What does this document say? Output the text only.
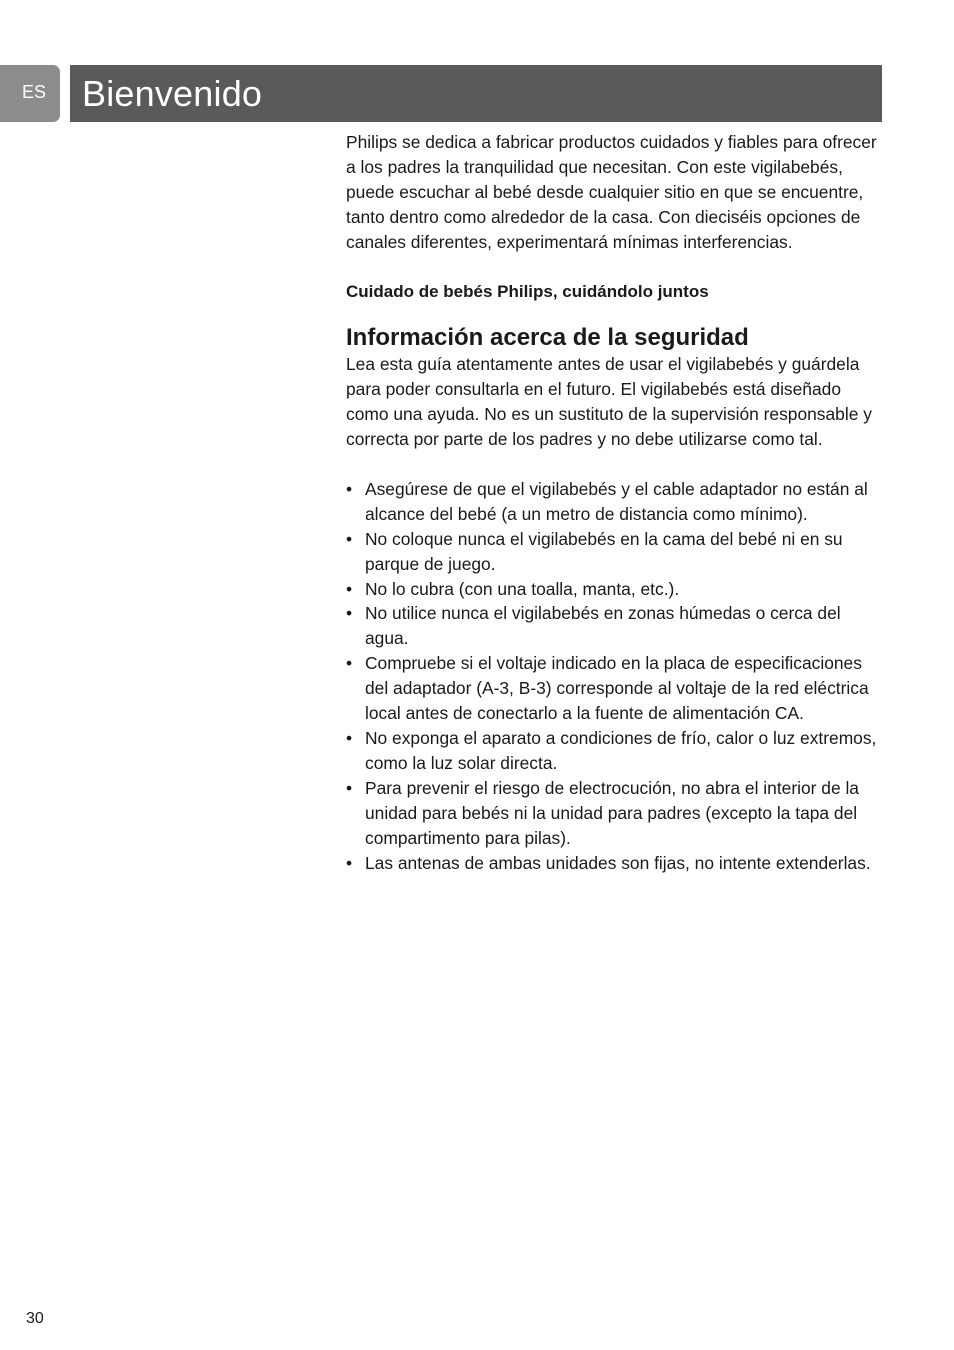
ES Bienvenido

Philips se dedica a fabricar productos cuidados y fiables para ofrecer a los padres la tranquilidad que necesitan. Con este vigilabebés, puede escuchar al bebé desde cualquier sitio en que se encuentre, tanto dentro como alrededor de la casa. Con dieciséis opciones de canales diferentes, experimentará mínimas interferencias.

Cuidado de bebés Philips, cuidándolo juntos

Información acerca de la seguridad

Lea esta guía atentamente antes de usar el vigilabebés y guárdela para poder consultarla en el futuro. El vigilabebés está diseñado como una ayuda. No es un sustituto de la supervisión responsable y correcta por parte de los padres y no debe utilizarse como tal.

• Asegúrese de que el vigilabebés y el cable adaptador no están al alcance del bebé (a un metro de distancia como mínimo).
• No coloque nunca el vigilabebés en la cama del bebé ni en su parque de juego.
• No lo cubra (con una toalla, manta, etc.).
• No utilice nunca el vigilabebés en zonas húmedas o cerca del agua.
• Compruebe si el voltaje indicado en la placa de especificaciones del adaptador (A-3, B-3) corresponde al voltaje de la red eléctrica local antes de conectarlo a la fuente de alimentación CA.
• No exponga el aparato a condiciones de frío, calor o luz extremos, como la luz solar directa.
• Para prevenir el riesgo de electrocución, no abra el interior de la unidad para bebés ni la unidad para padres (excepto la tapa del compartimento para pilas).
• Las antenas de ambas unidades son fijas, no intente extenderlas.
30
